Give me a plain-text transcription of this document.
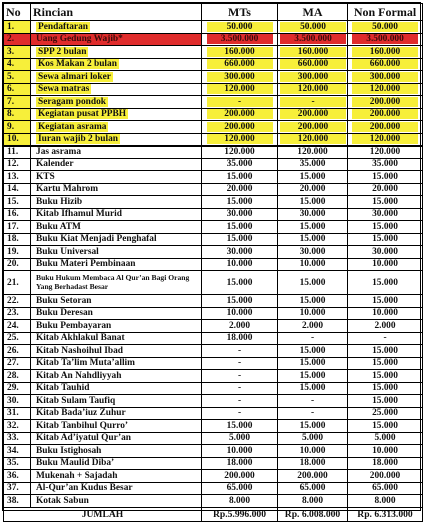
No	Rincian	MTs	MA	Non Formal
1.	Pendaftaran	50.000	50.000	50.000
2.	Uang Gedung Wajib*	3.500.000	3.500.000	3.500.000
3.	SPP 2 bulan	160.000	160.000	160.000
4.	Kos Makan 2 bulan	660.000	660.000	660.000
5.	Sewa almari loker	300.000	300.000	300.000
6.	Sewa matras	120.000	120.000	120.000
7.	Seragam pondok	-	-	200.000
8.	Kegiatan pusat PPBH	200.000	200.000	200.000
9.	Kegiatan asrama	200.000	200.000	200.000
10.	Iuran wajib 2 bulan	120.000	120.000	120.000
11.	Jas asrama	120.000	120.000	120.000
12.	Kalender	35.000	35.000	35.000
13.	KTS	15.000	15.000	15.000
14.	Kartu Mahrom	20.000	20.000	20.000
15.	Buku Hizib	15.000	15.000	15.000
16.	Kitab Ifhamul Murid	30.000	30.000	30.000
17.	Buku ATM	15.000	15.000	15.000
18.	Buku Kiat Menjadi Penghafal	15.000	15.000	15.000
19.	Buku Universal	30.000	30.000	30.000
20.	Buku Materi Pembinaan	10.000	10.000	10.000
21.	Buku Hukum Membaca Al Qur’an Bagi Orang Yang Berhadast Besar	15.000	15.000	15.000
22.	Buku Setoran	15.000	15.000	15.000
23.	Buku Deresan	10.000	10.000	10.000
24.	Buku Pembayaran	2.000	2.000	2.000
25.	Kitab Akhlakul Banat	18.000	-	-
26.	Kitab Nashoihul Ibad	-	15.000	15.000
27.	Kitab Ta’lim Muta’allim	-	15.000	15.000
28.	Kitab An Nahdliyyah	-	15.000	15.000
29.	Kitab Tauhid	-	15.000	15.000
30.	Kitab Sulam Taufiq	-	-	15.000
31.	Kitab Bada’iuz Zuhur	-	-	25.000
32.	Kitab Tanbihul Qurro’	15.000	15.000	15.000
33.	Kitab Ad’iyatul Qur’an	5.000	5.000	5.000
34.	Buku Istighosah	10.000	10.000	10.000
35.	Buku Maulid Diba’	18.000	18.000	18.000
36.	Mukenah + Sajadah	200.000	200.000	200.000
37.	Al-Qur’an Kudus Besar	65.000	65.000	65.000
38.	Kotak Sabun	8.000	8.000	8.000
JUMLAH		Rp.5.996.000	Rp. 6.008.000	Rp. 6.313.000
